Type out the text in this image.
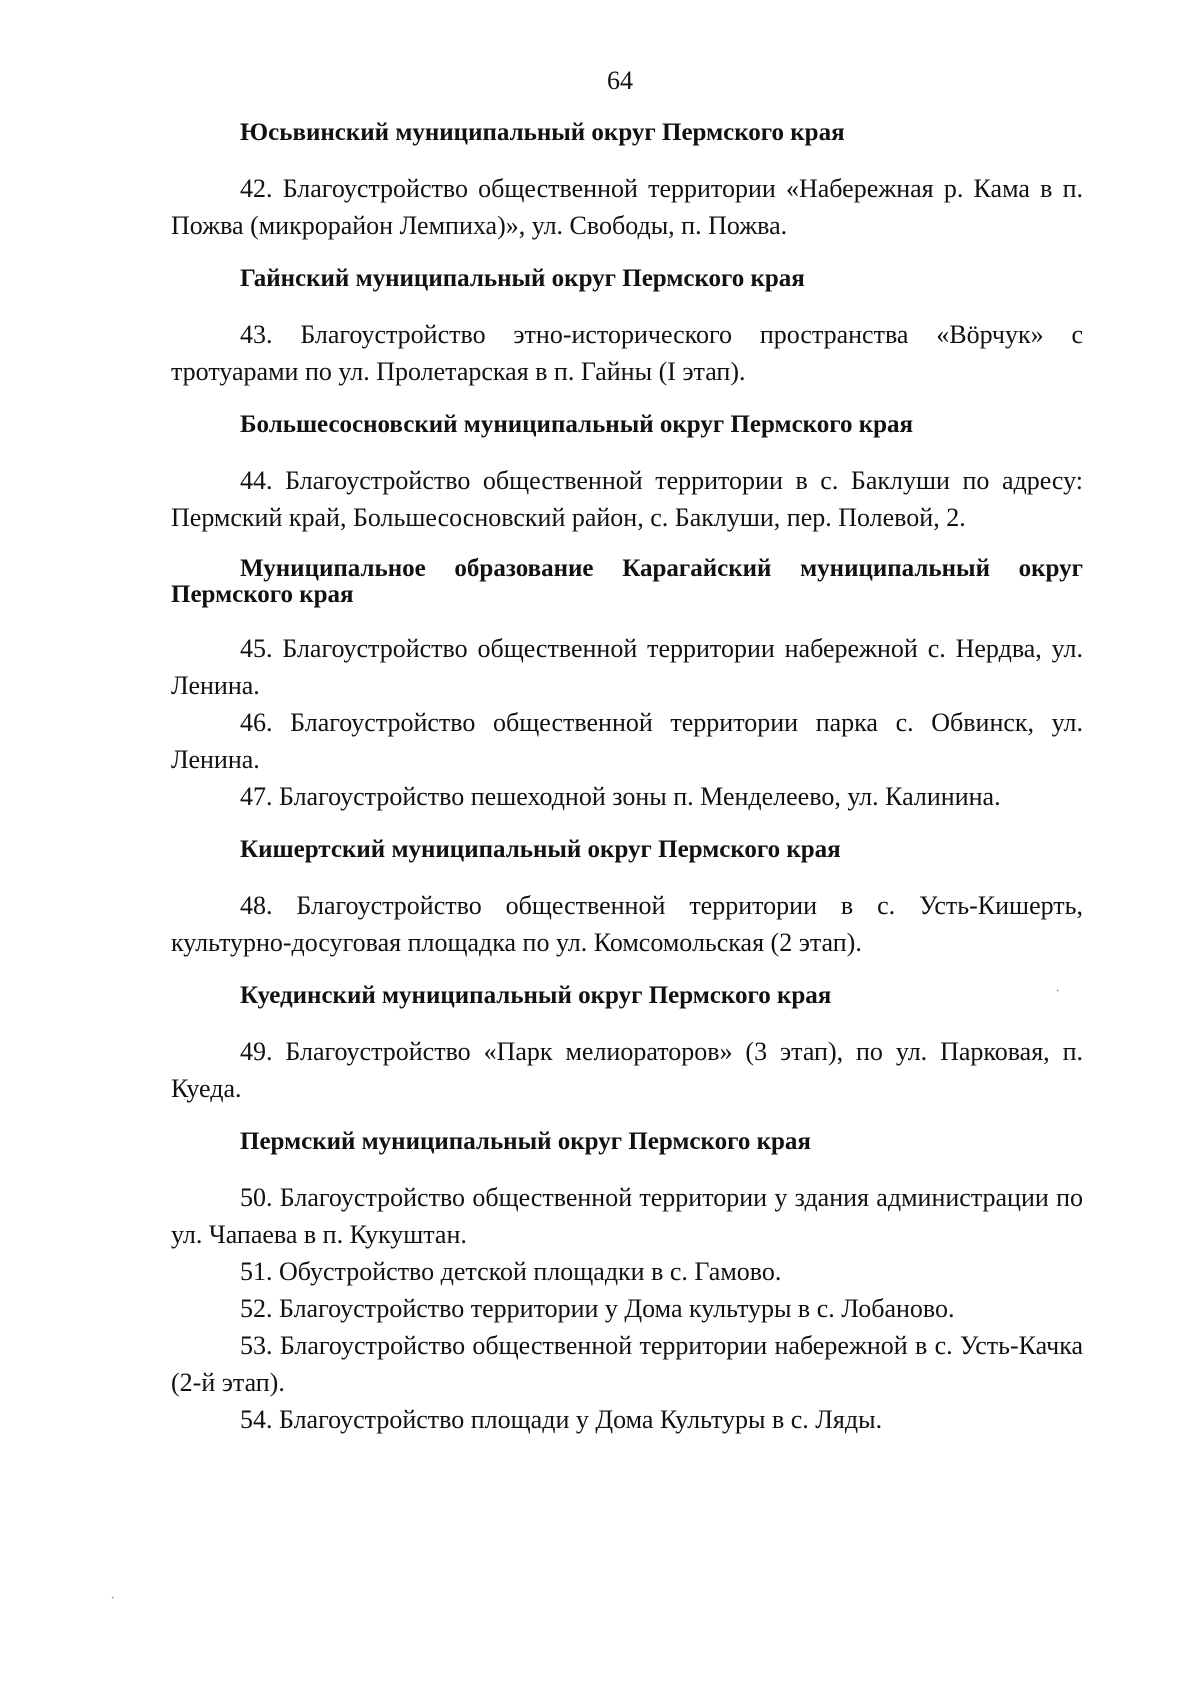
64

Юсьвинский муниципальный округ Пермского края

42. Благоустройство общественной территории «Набережная р. Кама в п. Пожва (микрорайон Лемпиха)», ул. Свободы, п. Пожва.

Гайнский муниципальный округ Пермского края

43. Благоустройство этно-исторического пространства «Вӧрчук» с тротуарами по ул. Пролетарская в п. Гайны (I этап).

Большесосновский муниципальный округ Пермского края

44. Благоустройство общественной территории в с. Баклуши по адресу: Пермский край, Большесосновский район, с. Баклуши, пер. Полевой, 2.

Муниципальное образование Карагайский муниципальный округ Пермского края

45. Благоустройство общественной территории набережной с. Нердва, ул. Ленина.

46. Благоустройство общественной территории парка с. Обвинск, ул. Ленина.

47. Благоустройство пешеходной зоны п. Менделеево, ул. Калинина.

Кишертский муниципальный округ Пермского края

48. Благоустройство общественной территории в с. Усть-Кишерть, культурно-досуговая площадка по ул. Комсомольская (2 этап).

Куединский муниципальный округ Пермского края

49. Благоустройство «Парк мелиораторов» (3 этап), по ул. Парковая, п. Куеда.

Пермский муниципальный округ Пермского края

50. Благоустройство общественной территории у здания администрации по ул. Чапаева в п. Кукуштан.

51. Обустройство детской площадки в с. Гамово.

52. Благоустройство территории у Дома культуры в с. Лобаново.

53. Благоустройство общественной территории набережной в с. Усть-Качка (2-й этап).

54. Благоустройство площади у Дома Культуры в с. Ляды.

·
·
